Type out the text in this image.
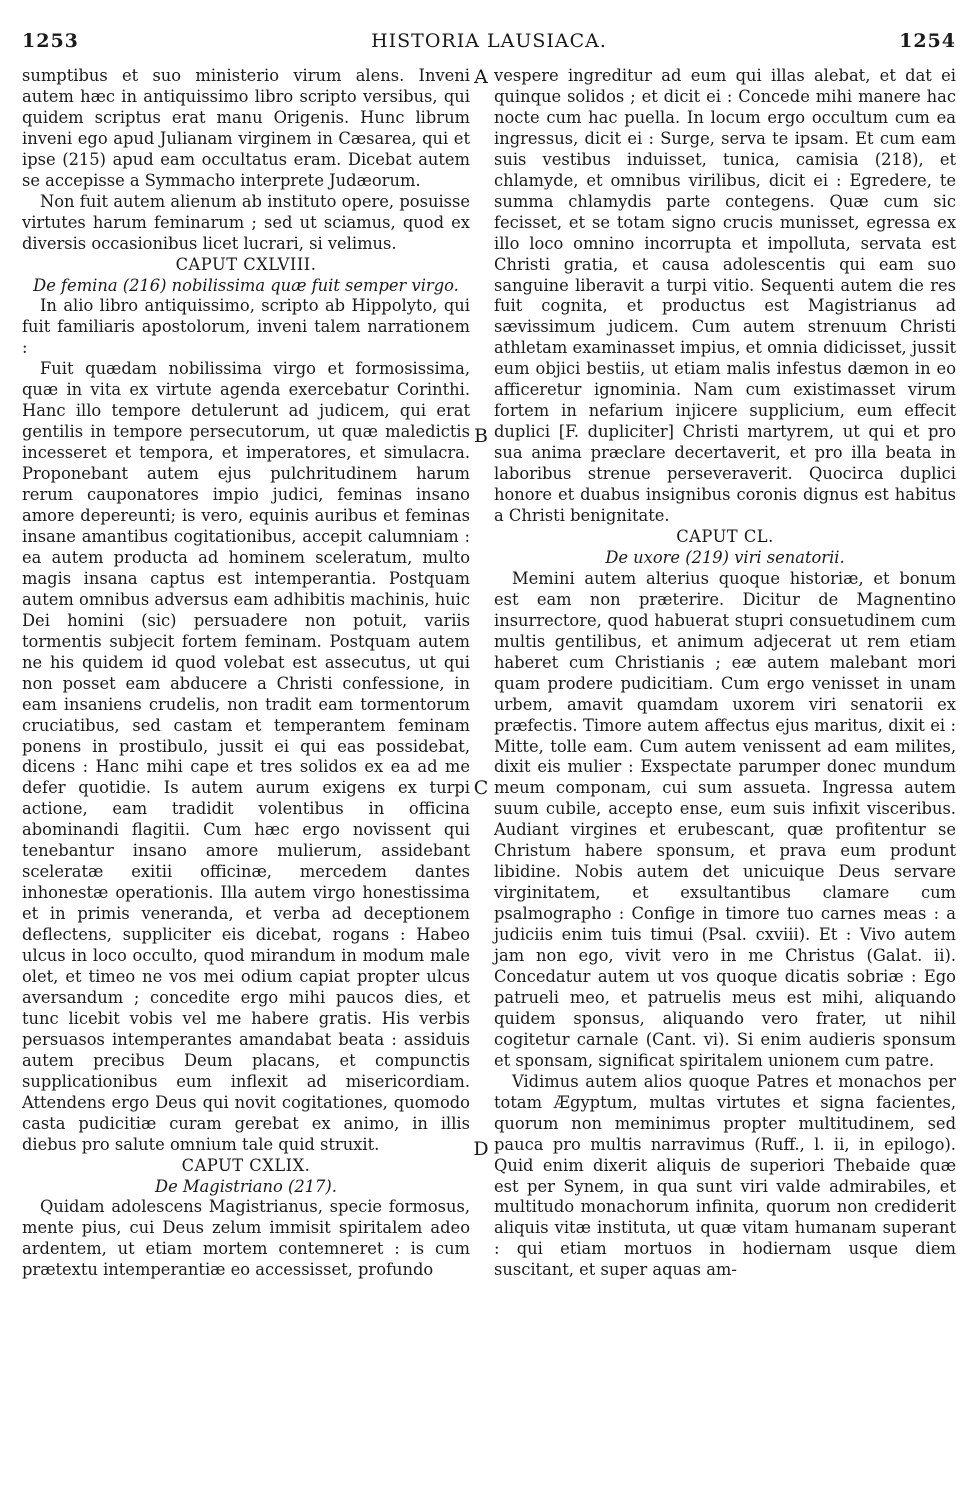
1253	HISTORIA LAUSIACA.	1254
A
B
C
D

sumptibus et suo ministerio virum alens. Inveni autem hæc in antiquissimo libro scripto versibus, qui quidem scriptus erat manu Origenis. Hunc librum inveni ego apud Julianam virginem in Cæsarea, qui et ipse (215) apud eam occultatus eram. Dicebat autem se accepisse a Symmacho interprete Judæorum.

Non fuit autem alienum ab instituto opere, posuisse virtutes harum feminarum ; sed ut sciamus, quod ex diversis occasionibus licet lucrari, si velimus.

CAPUT CXLVIII.
De femina (216) nobilissima quæ fuit semper virgo.

In alio libro antiquissimo, scripto ab Hippolyto, qui fuit familiaris apostolorum, inveni talem narrationem :

Fuit quædam nobilissima virgo et formosissima, quæ in vita ex virtute agenda exercebatur Corinthi. Hanc illo tempore detulerunt ad judicem, qui erat gentilis in tempore persecutorum, ut quæ maledictis incesseret et tempora, et imperatores, et simulacra. Proponebant autem ejus pulchritudinem harum rerum cauponatores impio judici, feminas insano amore depereunti; is vero, equinis auribus et feminas insane amantibus cogitationibus, accepit calumniam : ea autem producta ad hominem sceleratum, multo magis insana captus est intemperantia. Postquam autem omnibus adversus eam adhibitis machinis, huic Dei homini (sic) persuadere non potuit, variis tormentis subjecit fortem feminam. Postquam autem ne his quidem id quod volebat est assecutus, ut qui non posset eam abducere a Christi confessione, in eam insaniens crudelis, non tradit eam tormentorum cruciatibus, sed castam et temperantem feminam ponens in prostibulo, jussit ei qui eas possidebat, dicens : Hanc mihi cape et tres solidos ex ea ad me defer quotidie. Is autem aurum exigens ex turpi actione, eam tradidit volentibus in officina abominandi flagitii. Cum hæc ergo novissent qui tenebantur insano amore mulierum, assidebant sceleratæ exitii officinæ, mercedem dantes inhonestæ operationis. Illa autem virgo honestissima et in primis veneranda, et verba ad deceptionem deflectens, suppliciter eis dicebat, rogans : Habeo ulcus in loco occulto, quod mirandum in modum male olet, et timeo ne vos mei odium capiat propter ulcus aversandum ; concedite ergo mihi paucos dies, et tunc licebit vobis vel me habere gratis. His verbis persuasos intemperantes amandabat beata : assiduis autem precibus Deum placans, et compunctis supplicationibus eum inflexit ad misericordiam. Attendens ergo Deus qui novit cogitationes, quomodo casta pudicitiæ curam gerebat ex animo, in illis diebus pro salute omnium tale quid struxit.

CAPUT CXLIX.
De Magistriano (217).

Quidam adolescens Magistrianus, specie formosus, mente pius, cui Deus zelum immisit spiritalem adeo ardentem, ut etiam mortem contemneret : is cum prætextu intemperantiæ eo accessisset, profundo

vespere ingreditur ad eum qui illas alebat, et dat ei quinque solidos ; et dicit ei : Concede mihi manere hac nocte cum hac puella. In locum ergo occultum cum ea ingressus, dicit ei : Surge, serva te ipsam. Et cum eam suis vestibus induisset, tunica, camisia (218), et chlamyde, et omnibus virilibus, dicit ei : Egredere, te summa chlamydis parte contegens. Quæ cum sic fecisset, et se totam signo crucis munisset, egressa ex illo loco omnino incorrupta et impolluta, servata est Christi gratia, et causa adolescentis qui eam suo sanguine liberavit a turpi vitio. Sequenti autem die res fuit cognita, et productus est Magistrianus ad sævissimum judicem. Cum autem strenuum Christi athletam examinasset impius, et omnia didicisset, jussit eum objici bestiis, ut etiam malis infestus dæmon in eo afficeretur ignominia. Nam cum existimasset virum fortem in nefarium injicere supplicium, eum effecit duplici [F. dupliciter] Christi martyrem, ut qui et pro sua anima præclare decertaverit, et pro illa beata in laboribus strenue perseveraverit. Quocirca duplici honore et duabus insignibus coronis dignus est habitus a Christi benignitate.

CAPUT CL.
De uxore (219) viri senatorii.

Memini autem alterius quoque historiæ, et bonum est eam non præterire. Dicitur de Magnentino insurrectore, quod habuerat stupri consuetudinem cum multis gentilibus, et animum adjecerat ut rem etiam haberet cum Christianis ; eæ autem malebant mori quam prodere pudicitiam. Cum ergo venisset in unam urbem, amavit quamdam uxorem viri senatorii ex præfectis. Timore autem affectus ejus maritus, dixit ei : Mitte, tolle eam. Cum autem venissent ad eam milites, dixit eis mulier : Exspectate parumper donec mundum meum componam, cui sum assueta. Ingressa autem suum cubile, accepto ense, eum suis infixit visceribus. Audiant virgines et erubescant, quæ profitentur se Christum habere sponsum, et prava eum produnt libidine. Nobis autem det unicuique Deus servare virginitatem, et exsultantibus clamare cum psalmographo : Confige in timore tuo carnes meas : a judiciis enim tuis timui (Psal. cxviii). Et : Vivo autem jam non ego, vivit vero in me Christus (Galat. ii). Concedatur autem ut vos quoque dicatis sobriæ : Ego patrueli meo, et patruelis meus est mihi, aliquando quidem sponsus, aliquando vero frater, ut nihil cogitetur carnale (Cant. vi). Si enim audieris sponsum et sponsam, significat spiritalem unionem cum patre.

Vidimus autem alios quoque Patres et monachos per totam Ægyptum, multas virtutes et signa facientes, quorum non meminimus propter multitudinem, sed pauca pro multis narravimus (Ruff., l. ii, in epilogo). Quid enim dixerit aliquis de superiori Thebaide quæ est per Synem, in qua sunt viri valde admirabiles, et multitudo monachorum infinita, quorum non crediderit aliquis vitæ instituta, ut quæ vitam humanam superant : qui etiam mortuos in hodiernam usque diem suscitant, et super aquas am-
